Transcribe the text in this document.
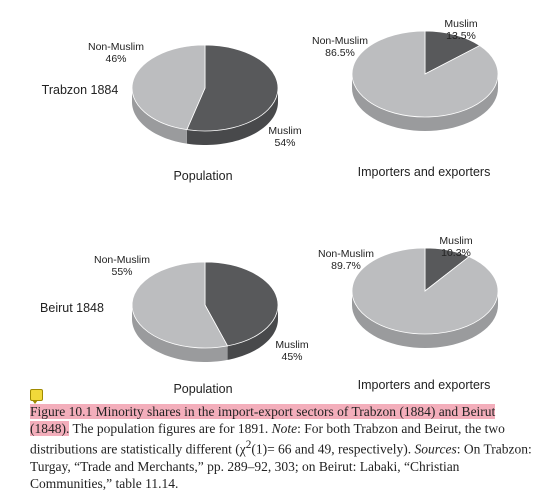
Non-Muslim 46%
Muslim 54%
Population
Trabzon 1884
Non-Muslim 86.5%
Muslim 13.5%
Importers and exporters
Non-Muslim 55%
Muslim 45%
Population
Beirut 1848
Non-Muslim 89.7%
Muslim 10.3%
Importers and exporters
Figure 10.1 Minority shares in the import-export sectors of Trabzon (1884) and Beirut (1848). The population figures are for 1891. Note: For both Trabzon and Beirut, the two distributions are statistically different ($\chi^2(1)= 66$ and 49, respectively). Sources: On Trabzon: Turgay, “Trade and Merchants,” pp. 289–92, 303; on Beirut: Labaki, “Christian Communities,” table 11.14.
